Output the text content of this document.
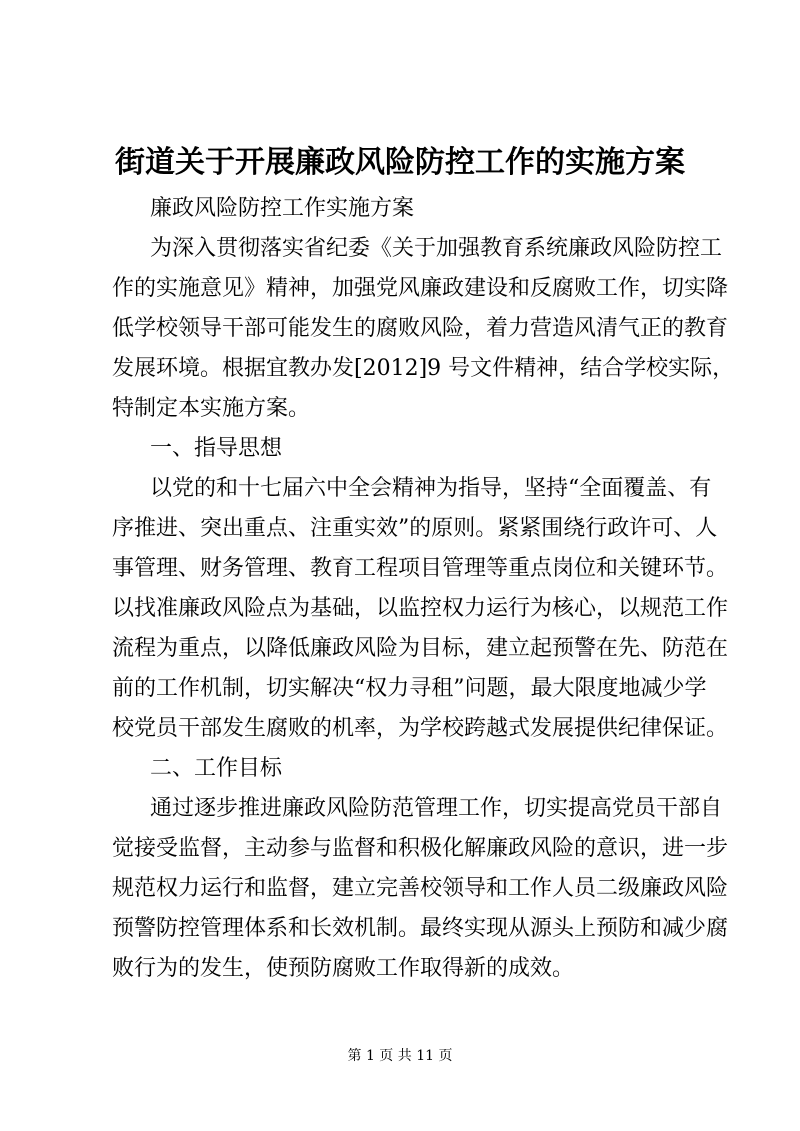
街道关于开展廉政风险防控工作的实施方案

廉政风险防控工作实施方案

为深入贯彻落实省纪委《关于加强教育系统廉政风险防控工

作的实施意见》精神，加强党风廉政建设和反腐败工作，切实降

低学校领导干部可能发生的腐败风险，着力营造风清气正的教育

发展环境。根据宜教办发[2012]9 号文件精神，结合学校实际，

特制定本实施方案。

一、指导思想

以党的和十七届六中全会精神为指导，坚持“全面覆盖、有

序推进、突出重点、注重实效”的原则。紧紧围绕行政许可、人

事管理、财务管理、教育工程项目管理等重点岗位和关键环节。

以找准廉政风险点为基础，以监控权力运行为核心，以规范工作

流程为重点，以降低廉政风险为目标，建立起预警在先、防范在

前的工作机制，切实解决“权力寻租”问题，最大限度地减少学

校党员干部发生腐败的机率，为学校跨越式发展提供纪律保证。

二、工作目标

通过逐步推进廉政风险防范管理工作，切实提高党员干部自

觉接受监督，主动参与监督和积极化解廉政风险的意识，进一步

规范权力运行和监督，建立完善校领导和工作人员二级廉政风险

预警防控管理体系和长效机制。最终实现从源头上预防和减少腐

败行为的发生，使预防腐败工作取得新的成效。

第 1 页 共 11 页
